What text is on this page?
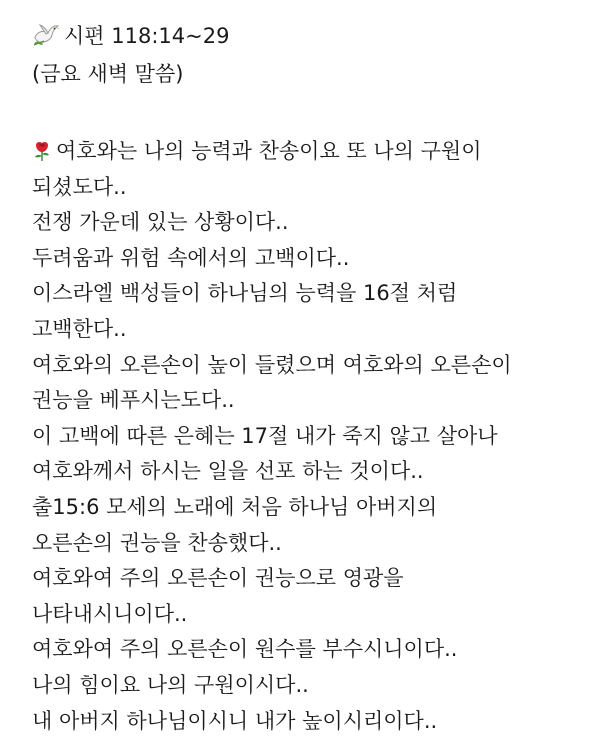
시편 118:14~29
(금요 새벽 말씀)
여호와는 나의 능력과 찬송이요 또 나의 구원이
되셨도다..
전쟁 가운데 있는 상황이다..
두려움과 위험 속에서의 고백이다..
이스라엘 백성들이 하나님의 능력을 16절 처럼
고백한다..
여호와의 오른손이 높이 들렸으며 여호와의 오른손이
권능을 베푸시는도다..
이 고백에 따른 은혜는 17절 내가 죽지 않고 살아나
여호와께서 하시는 일을 선포 하는 것이다..
출15:6 모세의 노래에 처음 하나님 아버지의
오른손의 권능을 찬송했다..
여호와여 주의 오른손이 권능으로 영광을
나타내시니이다..
여호와여 주의 오른손이 원수를 부수시니이다..
나의 힘이요 나의 구원이시다..
내 아버지 하나님이시니 내가 높이시리이다..
